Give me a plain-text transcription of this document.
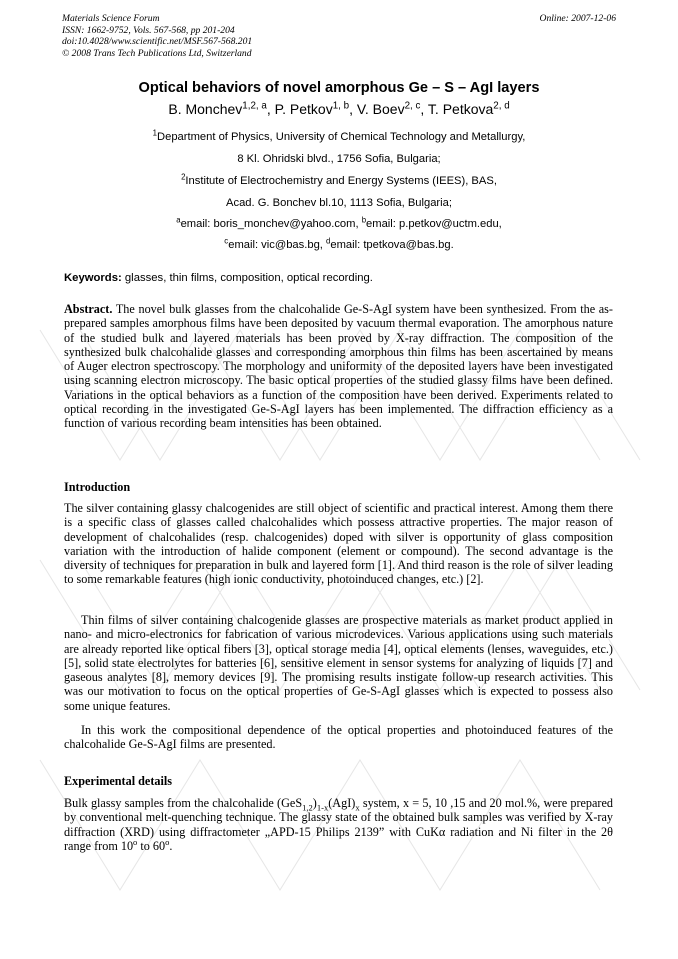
Materials Science Forum
ISSN: 1662-9752, Vols. 567-568, pp 201-204
doi:10.4028/www.scientific.net/MSF.567-568.201
© 2008 Trans Tech Publications Ltd, Switzerland
Online: 2007-12-06
Optical behaviors of novel amorphous Ge – S – AgI layers
B. Monchev$^{1,2, a}$, P. Petkov$^{1, b}$, V. Boev$^{2, c}$, T. Petkova$^{2, d}$
$^1$Department of Physics, University of Chemical Technology and Metallurgy,
8 Kl. Ohridski blvd., 1756 Sofia, Bulgaria;
$^2$Institute of Electrochemistry and Energy Systems (IEES), BAS,
Acad. G. Bonchev bl.10, 1113 Sofia, Bulgaria;
$^a$email: boris_monchev@yahoo.com, $^b$email: p.petkov@uctm.edu,
$^c$email: vic@bas.bg, $^d$email: tpetkova@bas.bg.
Keywords: glasses, thin films, composition, optical recording.
Abstract. The novel bulk glasses from the chalcohalide Ge-S-AgI system have been synthesized. From the as-prepared samples amorphous films have been deposited by vacuum thermal evaporation. The amorphous nature of the studied bulk and layered materials has been proved by X-ray diffraction. The composition of the synthesized bulk chalcohalide glasses and corresponding amorphous thin films has been ascertained by means of Auger electron spectroscopy. The morphology and uniformity of the deposited layers have been investigated using scanning electron microscopy. The basic optical properties of the studied glassy films have been defined. Variations in the optical behaviors as a function of the composition have been derived. Experiments related to optical recording in the investigated Ge-S-AgI layers has been implemented. The diffraction efficiency as a function of various recording beam intensities has been obtained.
Introduction
The silver containing glassy chalcogenides are still object of scientific and practical interest. Among them there is a specific class of glasses called chalcohalides which possess attractive properties. The major reason of development of chalcohalides (resp. chalcogenides) doped with silver is opportunity of glass composition variation with the introduction of halide component (element or compound). The second advantage is the diversity of techniques for preparation in bulk and layered form [1]. And third reason is the role of silver leading to some remarkable features (high ionic conductivity, photoinduced changes, etc.) [2].
Thin films of silver containing chalcogenide glasses are prospective materials as market product applied in nano- and micro-electronics for fabrication of various microdevices. Various applications using such materials are already reported like optical fibers [3], optical storage media [4], optical elements (lenses, waveguides, etc.) [5], solid state electrolytes for batteries [6], sensitive element in sensor systems for analyzing of liquids [7] and gaseous analytes [8], memory devices [9]. The promising results instigate follow-up research activities. This was our motivation to focus on the optical properties of Ge-S-AgI glasses which is expected to possess also some unique features.
In this work the compositional dependence of the optical properties and photoinduced features of the chalcohalide Ge-S-AgI films are presented.
Experimental details
Bulk glassy samples from the chalcohalide $(GeS_{1,2})_{1-x}(AgI)_x$ system, x = 5, 10 ,15 and 20 mol.%, were prepared by conventional melt-quenching technique. The glassy state of the obtained bulk samples was verified by X-ray diffraction (XRD) using diffractometer „APD-15 Philips 2139” with CuKα radiation and Ni filter in the 2θ range from 10$^o$ to 60$^o$.
